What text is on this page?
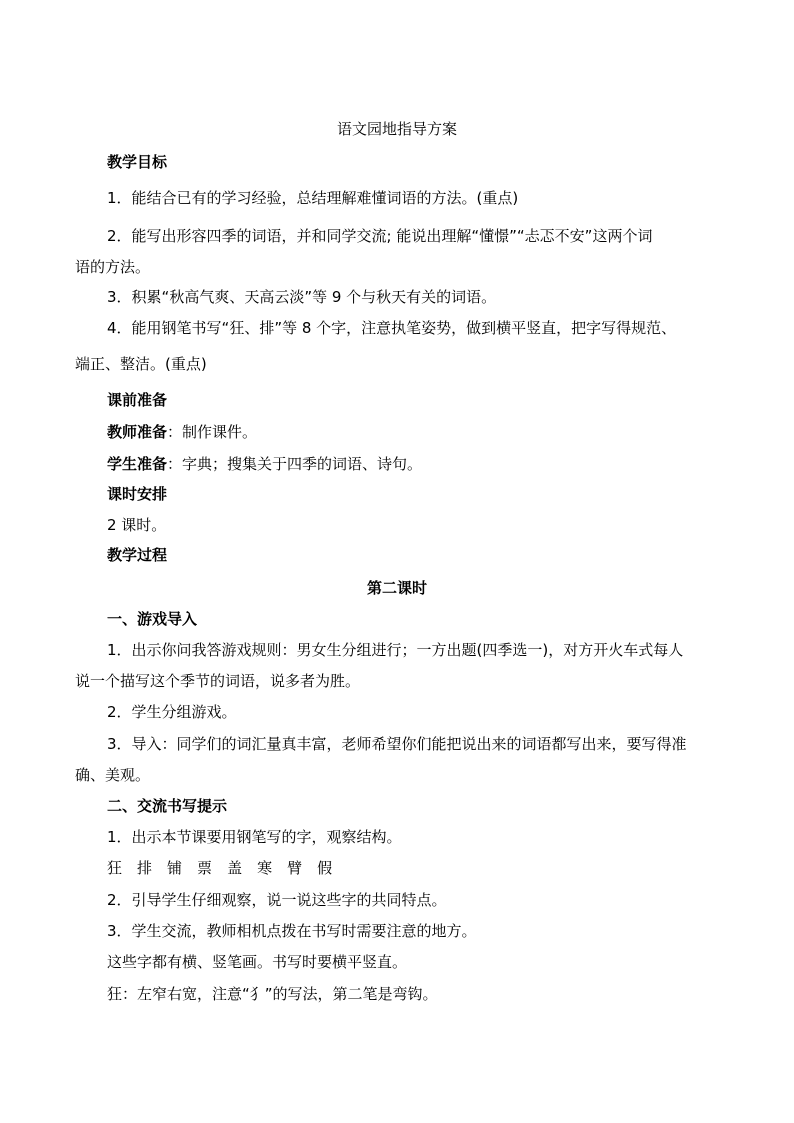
语文园地指导方案

教学目标

1．能结合已有的学习经验，总结理解难懂词语的方法。(重点)

2．能写出形容四季的词语，并和同学交流; 能说出理解“懂憬”“忐忑不安”这两个词

语的方法。

3．积累“秋高气爽、天高云淡”等 9 个与秋天有关的词语。

4．能用钢笔书写“狂、排”等 8 个字，注意执笔姿势，做到横平竖直，把字写得规范、

端正、整洁。(重点)

课前准备

教师准备：制作课件。

学生准备：字典；搜集关于四季的词语、诗句。

课时安排

2 课时。

教学过程

第二课时

一、游戏导入

1．出示你问我答游戏规则：男女生分组进行；一方出题(四季选一)，对方开火车式每人

说一个描写这个季节的词语，说多者为胜。

2．学生分组游戏。

3．导入：同学们的词汇量真丰富，老师希望你们能把说出来的词语都写出来，要写得准

确、美观。

二、交流书写提示

1．出示本节课要用钢笔写的字，观察结构。

狂 排 铺 票 盖 寒 臂 假

2．引导学生仔细观察，说一说这些字的共同特点。

3．学生交流，教师相机点拨在书写时需要注意的地方。

这些字都有横、竖笔画。书写时要横平竖直。

狂：左窄右宽，注意“犭”的写法，第二笔是弯钩。
